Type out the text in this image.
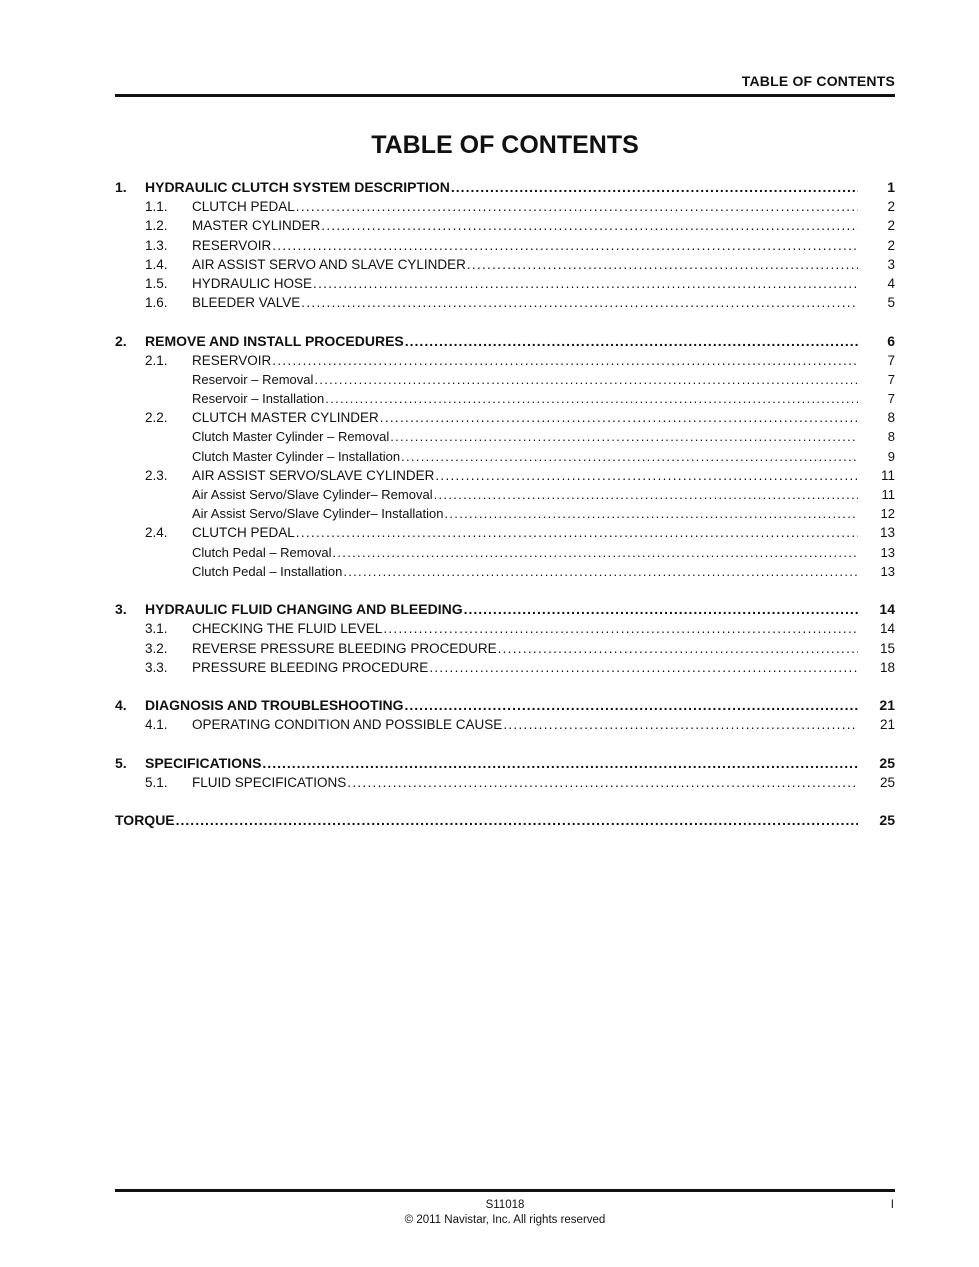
TABLE OF CONTENTS
TABLE OF CONTENTS
1.	HYDRAULIC CLUTCH SYSTEM DESCRIPTION .....	1
1.1.	CLUTCH PEDAL .....	2
1.2.	MASTER CYLINDER .....	2
1.3.	RESERVOIR .....	2
1.4.	AIR ASSIST SERVO AND SLAVE CYLINDER .....	3
1.5.	HYDRAULIC HOSE .....	4
1.6.	BLEEDER VALVE .....	5
2.	REMOVE AND INSTALL PROCEDURES .....	6
2.1.	RESERVOIR .....	7
Reservoir – Removal .....	7
Reservoir – Installation .....	7
2.2.	CLUTCH MASTER CYLINDER .....	8
Clutch Master Cylinder – Removal .....	8
Clutch Master Cylinder – Installation .....	9
2.3.	AIR ASSIST SERVO/SLAVE CYLINDER .....	11
Air Assist Servo/Slave Cylinder– Removal .....	11
Air Assist Servo/Slave Cylinder– Installation .....	12
2.4.	CLUTCH PEDAL .....	13
Clutch Pedal – Removal .....	13
Clutch Pedal – Installation .....	13
3.	HYDRAULIC FLUID CHANGING AND BLEEDING .....	14
3.1.	CHECKING THE FLUID LEVEL .....	14
3.2.	REVERSE PRESSURE BLEEDING PROCEDURE .....	15
3.3.	PRESSURE BLEEDING PROCEDURE .....	18
4.	DIAGNOSIS AND TROUBLESHOOTING .....	21
4.1.	OPERATING CONDITION AND POSSIBLE CAUSE .....	21
5.	SPECIFICATIONS .....	25
5.1.	FLUID SPECIFICATIONS .....	25
TORQUE .....	25
S11018
© 2011 Navistar, Inc. All rights reserved
I
